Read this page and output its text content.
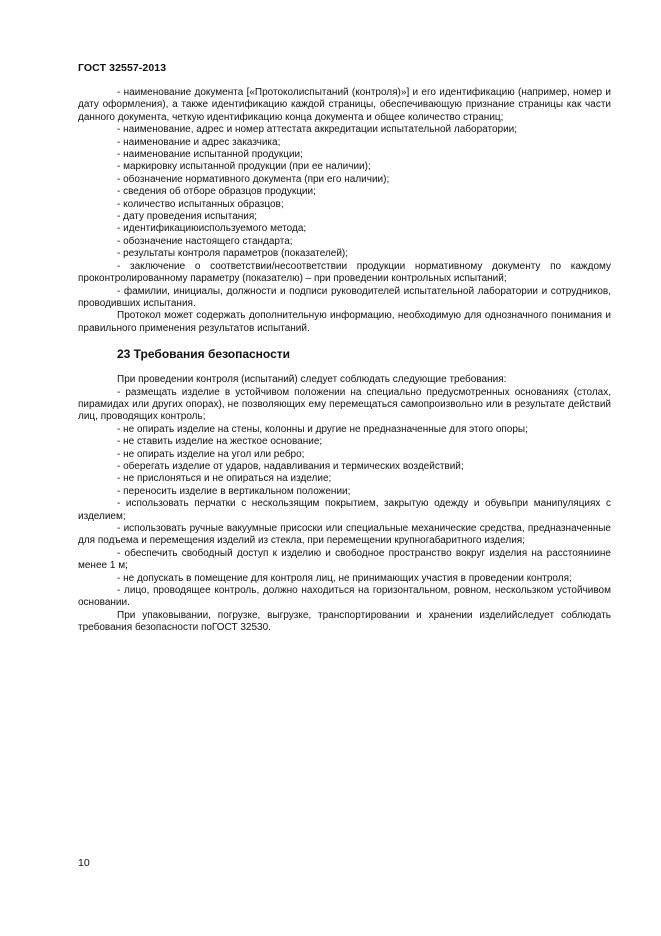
ГОСТ 32557-2013

- наименование документа [«Протоколиспытаний (контроля)»] и его идентификацию (например, номер и дату оформления), а также идентификацию каждой страницы, обеспечивающую признание страницы как части данного документа, четкую идентификацию конца документа и общее количество страниц;

- наименование, адрес и номер аттестата аккредитации испытательной лаборатории;

- наименование и адрес заказчика;

- наименование испытанной продукции;

- маркировку испытанной продукции (при ее наличии);

- обозначение нормативного документа (при его наличии);

- сведения об отборе образцов продукции;

- количество испытанных образцов;

- дату проведения испытания;

- идентификациюиспользуемого метода;

- обозначение настоящего стандарта;

- результаты контроля параметров (показателей);

- заключение о соответствии/несоответствии продукции нормативному документу по каждому проконтролированному параметру (показателю) – при проведении контрольных испытаний;

- фамилии, инициалы, должности и подписи руководителей испытательной лаборатории и сотрудников, проводивших испытания.

Протокол может содержать дополнительную информацию, необходимую для однозначного понимания и правильного применения результатов испытаний.

23 Требования безопасности

При проведении контроля (испытаний) следует соблюдать следующие требования:

- размещать изделие в устойчивом положении на специально предусмотренных основаниях (столах, пирамидах или других опорах), не позволяющих ему перемещаться самопроизвольно или в результате действий лиц, проводящих контроль;

- не опирать изделие на стены, колонны и другие не предназначенные для этого опоры;

- не ставить изделие на жесткое основание;

- не опирать изделие на угол или ребро;

- оберегать изделие от ударов, надавливания и термических воздействий;

- не прислоняться и не опираться на изделие;

- переносить изделие в вертикальном положении;

- использовать перчатки с нескользящим покрытием, закрытую одежду и обувьпри манипуляциях с изделием;

- использовать ручные вакуумные присоски или специальные механические средства, предназначенные для подъема и перемещения изделий из стекла, при перемещении крупногабаритного изделия;

- обеспечить свободный доступ к изделию и свободное пространство вокруг изделия на расстояниине менее 1 м;

- не допускать в помещение для контроля лиц, не принимающих участия в проведении контроля;

- лицо, проводящее контроль, должно находиться на горизонтальном, ровном, нескользком устойчивом основании.

При упаковывании, погрузке, выгрузке, транспортировании и хранении изделийследует соблюдать требования безопасности поГОСТ 32530.

10
